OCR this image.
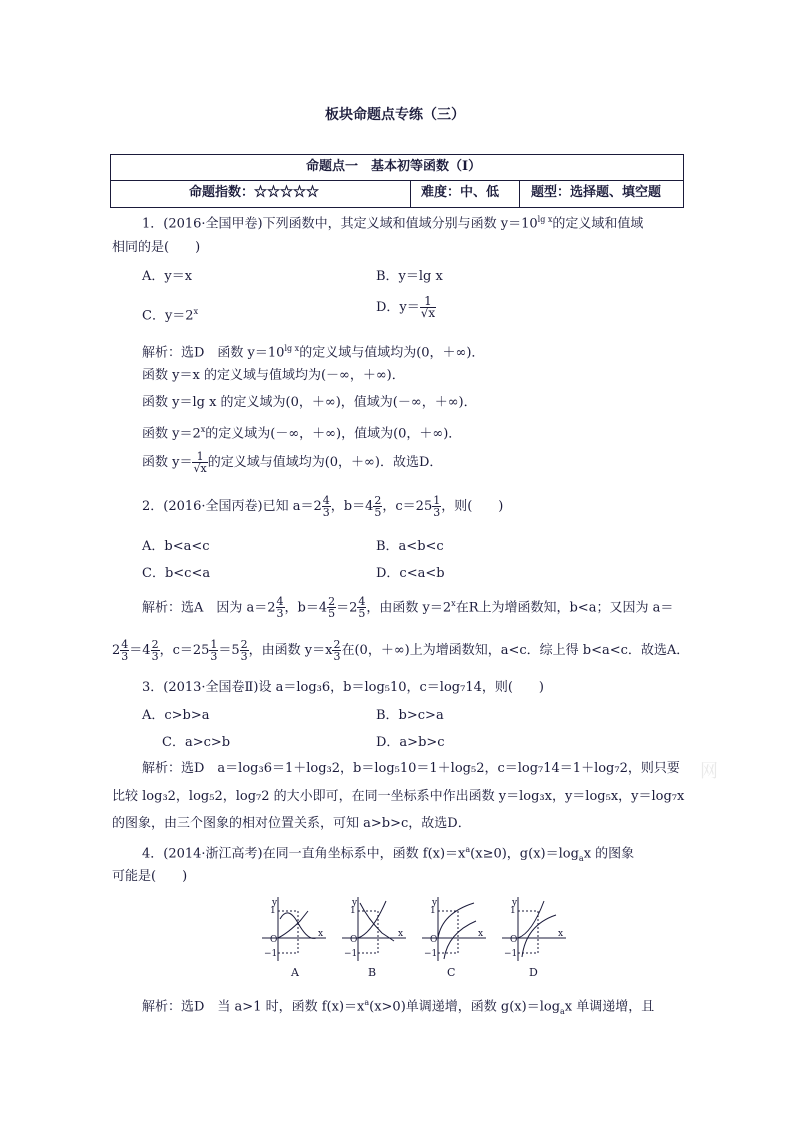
板块命题点专练（三）
命题点一　基本初等函数（Ⅰ）
命题指数：☆☆☆☆☆	难度：中、低 题型：选择题、填空题
1．(2016·全国甲卷)下列函数中，其定义域和值域分别与函数 $y=10^{lg x}$的定义域和值域
相同的是(　　)
A．y＝x	B．y＝lg x
C．$y=2^x$	D．$y= \frac{1}{√x}$
解析：选D　函数 $y=10^{lg x}$的定义域与值域均为(0，＋∞)．
函数 y＝x 的定义域与值域均为(－∞，＋∞)．
函数 y＝lg x 的定义域为(0，＋∞)，值域为(－∞，＋∞)．
函数 $y=2^x$的定义域为(－∞，＋∞)，值域为(0，＋∞)．
函数 $y= \frac{1}{√x}$ 的定义域与值域均为(0，＋∞)．故选D．
2．(2016·全国丙卷)已知 $a=2 \frac{4}{3}$ ，$b=4 \frac{2}{5}$ ，$c=25 \frac{1}{3}$ ，则(　　)
A．b<a<c	B．a<b<c
C．b<c<a	D．c<a<b
解析：选A　因为 $a=2 \frac{4}{3}$ ，$b=4 \frac{2}{5} =2 \frac{4}{5}$ ，由函数 $y=2^x$在R上为增函数知，b<a；又因为 a＝
$2 \frac{4}{3} =4 \frac{2}{3}$ ，$c=25 \frac{1}{3} =5 \frac{2}{3}$ ，由函数 $y=x \frac{2}{3}$ 在(0，＋∞)上为增函数知，a<c．综上得 b<a<c．故选A．
3．(2013·全国卷Ⅱ)设 a＝log₃6，b＝log₅10，c＝log₇14，则(　　)
A．c>b>a	B．b>c>a
C．a>c>b	D．a>b>c
解析：选D　a＝log₃6＝1＋log₃2，b＝log₅10＝1＋log₅2，c＝log₇14＝1＋log₇2，则只要
比较 log₃2，log₅2，log₇2 的大小即可，在同一坐标系中作出函数 y＝log₃x，y＝log₅x，y＝log₇x
的图象，由三个图象的相对位置关系，可知 a>b>c，故选D．
4．(2014·浙江高考)在同一直角坐标系中，函数 $f(x)=x^a(x\ge 0)$，$g(x)=\log_ax$ 的图象
可能是(　　)
y
1
O
−1
x
A
y
1
O
−1
x
B
y
1
O
−1
x
C
y
1
O
−1
x
D
解析：选D　当 a>1 时，函数 $f(x)=x^a(x>0)$单调递增，函数 $g(x)=\log_ax$ 单调递增，且
网
